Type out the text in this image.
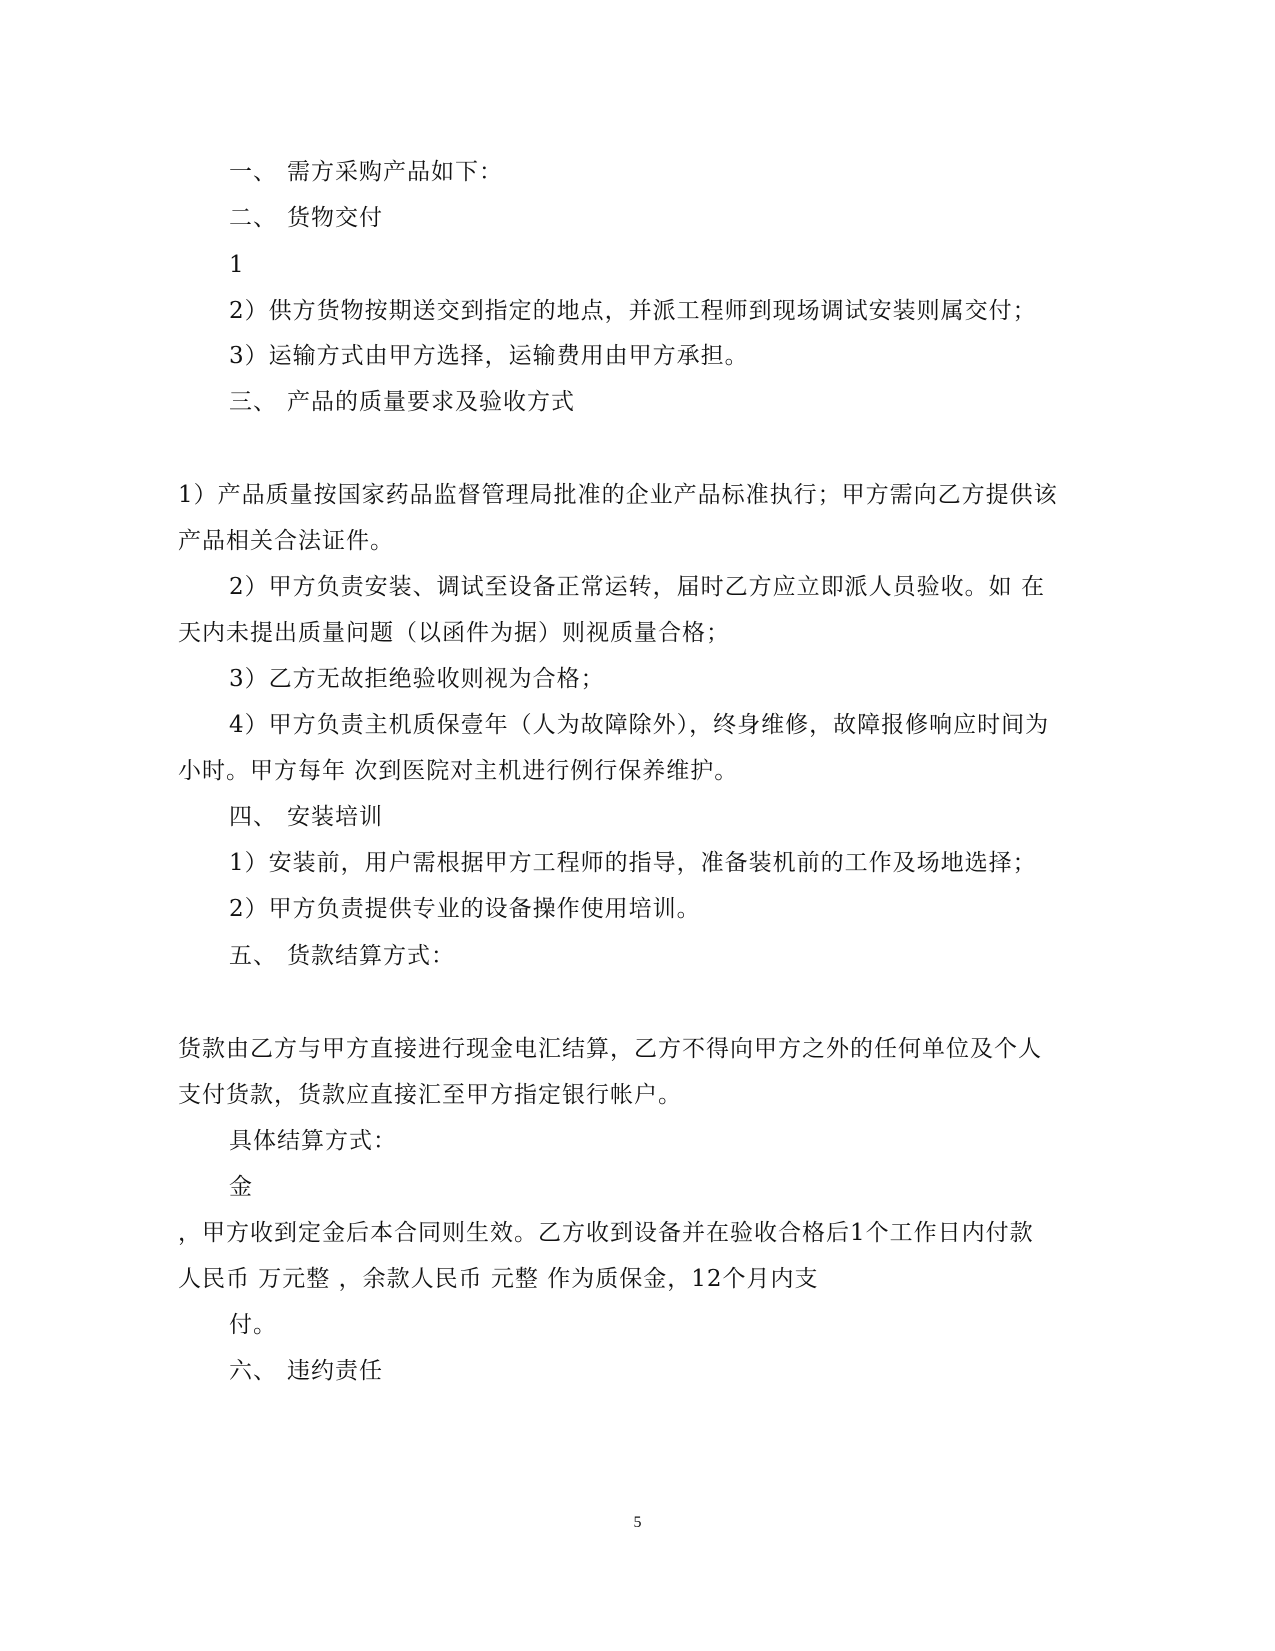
一、 需方采购产品如下：
二、 货物交付
1
2）供方货物按期送交到指定的地点，并派工程师到现场调试安装则属交付；
3）运输方式由甲方选择，运输费用由甲方承担。
三、 产品的质量要求及验收方式
1）产品质量按国家药品监督管理局批准的企业产品标准执行；甲方需向乙方提供该
产品相关合法证件。
2）甲方负责安装、调试至设备正常运转，届时乙方应立即派人员验收。如 在
天内未提出质量问题（以函件为据）则视质量合格；
3）乙方无故拒绝验收则视为合格；
4）甲方负责主机质保壹年（人为故障除外），终身维修，故障报修响应时间为
小时。甲方每年 次到医院对主机进行例行保养维护。
四、 安装培训
1）安装前，用户需根据甲方工程师的指导，准备装机前的工作及场地选择；
2）甲方负责提供专业的设备操作使用培训。
五、 货款结算方式：
货款由乙方与甲方直接进行现金电汇结算，乙方不得向甲方之外的任何单位及个人
支付货款，货款应直接汇至甲方指定银行帐户。
具体结算方式：
金
，甲方收到定金后本合同则生效。乙方收到设备并在验收合格后1个工作日内付款
人民币 万元整 ，余款人民币 元整 作为质保金，12个月内支
付。
六、 违约责任
5
